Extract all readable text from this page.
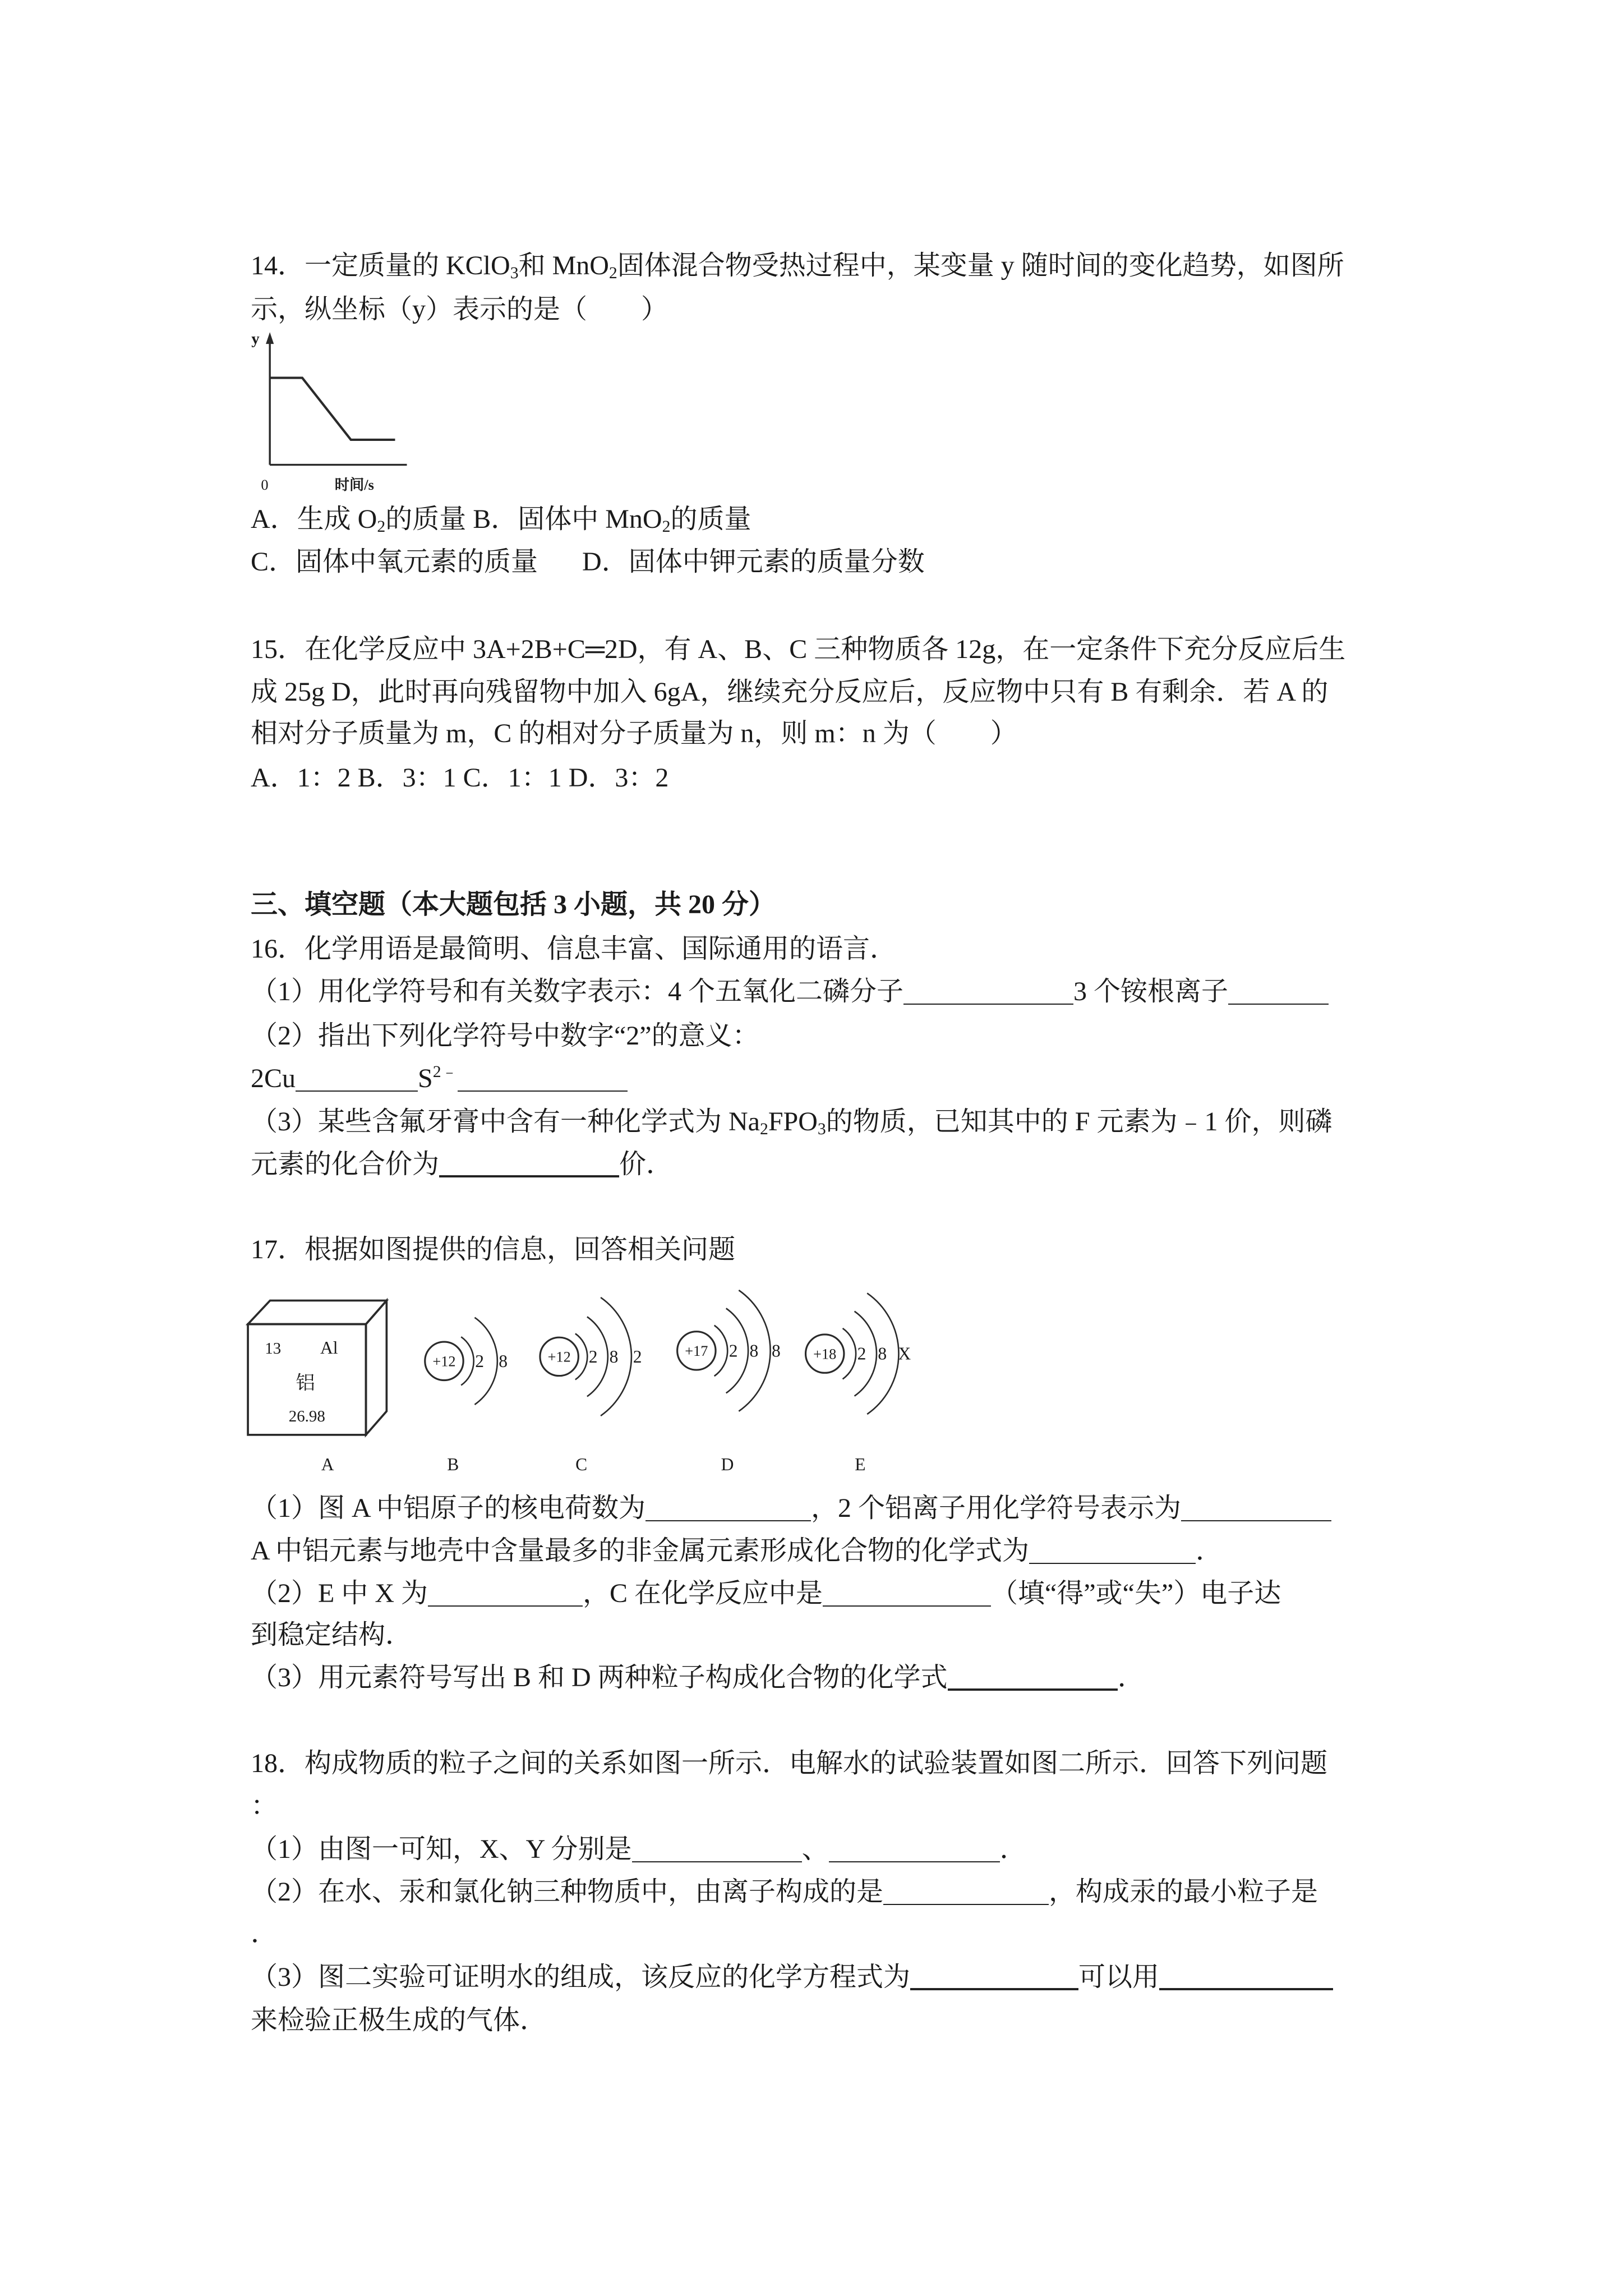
14．一定质量的 KClO 3 和 MnO 2 固体混合物受热过程中，某变量 y 随时间的变化趋势，如图所
示，纵坐标（y）表示的是（　　）
y
0	时间/s
A．生成 O 2 的质量 B．固体中 MnO 2 的质量
C．固体中氧元素的质量 D．固体中钾元素的质量分数
15．在化学反应中 3A+2B+C═2D，有 A、B、C 三种物质各 12g，在一定条件下充分反应后生
成 25g D，此时再向残留物中加入 6gA，继续充分反应后，反应物中只有 B 有剩余．若 A 的
相对分子质量为 m，C 的相对分子质量为 n，则 m：n 为（　　）
A．1：2 B．3：1 C．1：1 D．3：2
三、填空题（本大题包括 3 小题，共 20 分）
16．化学用语是最简明、信息丰富、国际通用的语言．
（1）用化学符号和有关数字表示：4 个五氧化二磷分子	3 个铵根离子
（2）指出下列化学符号中数字“2”的意义：
2Cu	S 2﹣
（3）某些含氟牙膏中含有一种化学式为 Na 2 FPO 3 的物质，已知其中的 F 元素为﹣1 价，则磷
元素的化合价为	价．
17．根据如图提供的信息，回答相关问题
13	Al
铝
26.98
+12	2 8	+12	2 8 2	+17	2 8 8	+18	2 8 X
A	B	C	D	E
（1）图 A 中铝原子的核电荷数为	，2 个铝离子用化学符号表示为
A 中铝元素与地壳中含量最多的非金属元素形成化合物的化学式为	．
（2）E 中 X 为	，C 在化学反应中是	（填“得”或“失”）电子达
到稳定结构．
（3）用元素符号写出 B 和 D 两种粒子构成化合物的化学式	．
18．构成物质的粒子之间的关系如图一所示．电解水的试验装置如图二所示．回答下列问题
：
（1）由图一可知，X、Y 分别是	、	．
（2）在水、汞和氯化钠三种物质中，由离子构成的是	，构成汞的最小粒子是
．
（3）图二实验可证明水的组成，该反应的化学方程式为	可以用
来检验正极生成的气体．
